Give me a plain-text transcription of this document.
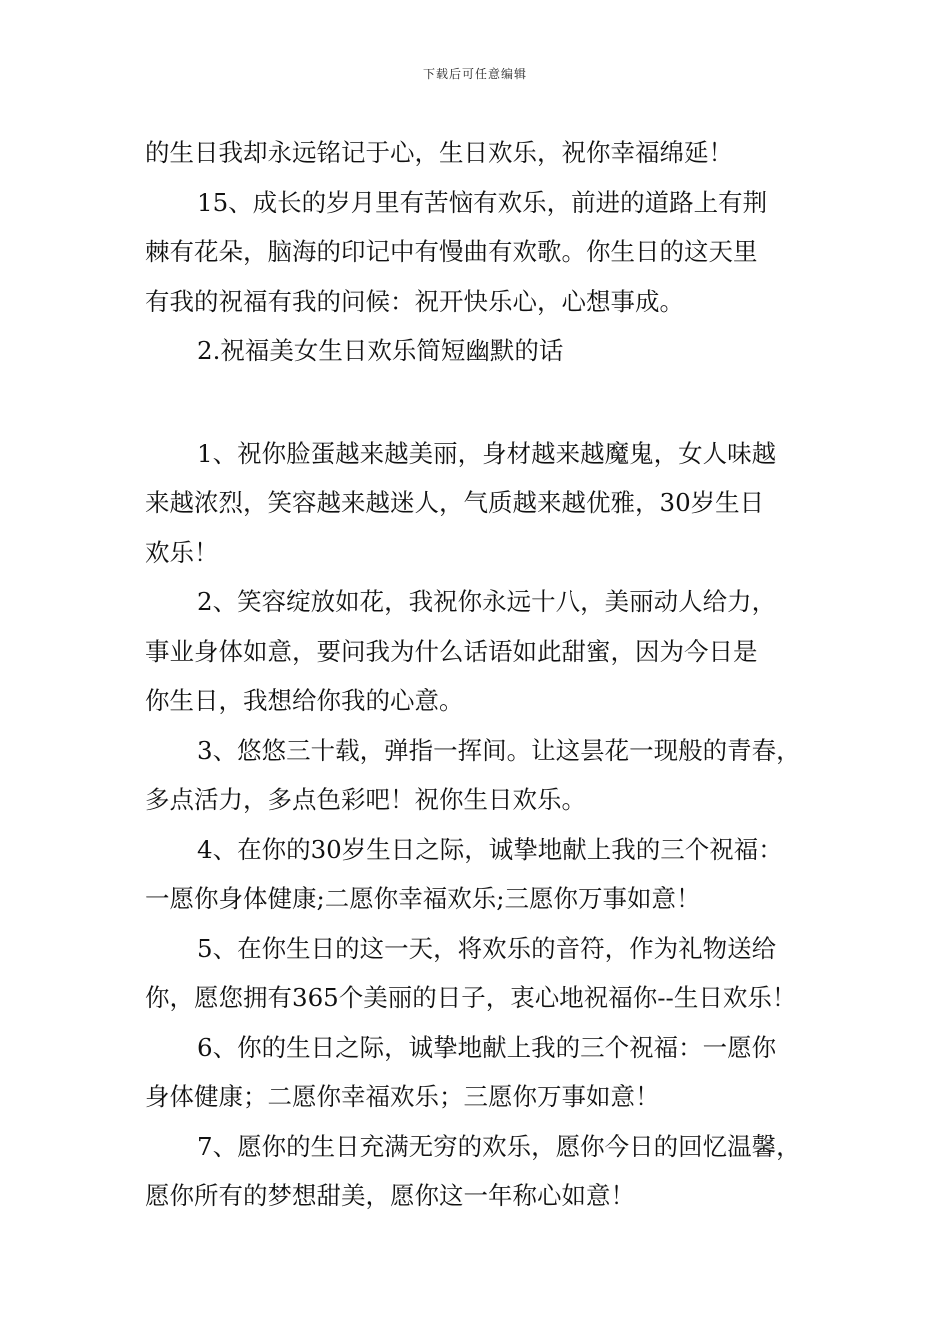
下载后可任意编辑
的生日我却永远铭记于心，生日欢乐，祝你幸福绵延！
15、成长的岁月里有苦恼有欢乐，前进的道路上有荆
棘有花朵，脑海的印记中有慢曲有欢歌。你生日的这天里
有我的祝福有我的问候：祝开快乐心，心想事成。
2.祝福美女生日欢乐简短幽默的话
1、祝你脸蛋越来越美丽，身材越来越魔鬼，女人味越
来越浓烈，笑容越来越迷人，气质越来越优雅，30岁生日
欢乐！
2、笑容绽放如花，我祝你永远十八，美丽动人给力，
事业身体如意，要问我为什么话语如此甜蜜，因为今日是
你生日，我想给你我的心意。
3、悠悠三十载，弹指一挥间。让这昙花一现般的青春，
多点活力，多点色彩吧！祝你生日欢乐。
4、在你的30岁生日之际，诚挚地献上我的三个祝福：
一愿你身体健康;二愿你幸福欢乐;三愿你万事如意！
5、在你生日的这一天，将欢乐的音符，作为礼物送给
你，愿您拥有365个美丽的日子，衷心地祝福你--生日欢乐！
6、你的生日之际，诚挚地献上我的三个祝福：一愿你
身体健康；二愿你幸福欢乐；三愿你万事如意！
7、愿你的生日充满无穷的欢乐，愿你今日的回忆温馨，
愿你所有的梦想甜美，愿你这一年称心如意！
